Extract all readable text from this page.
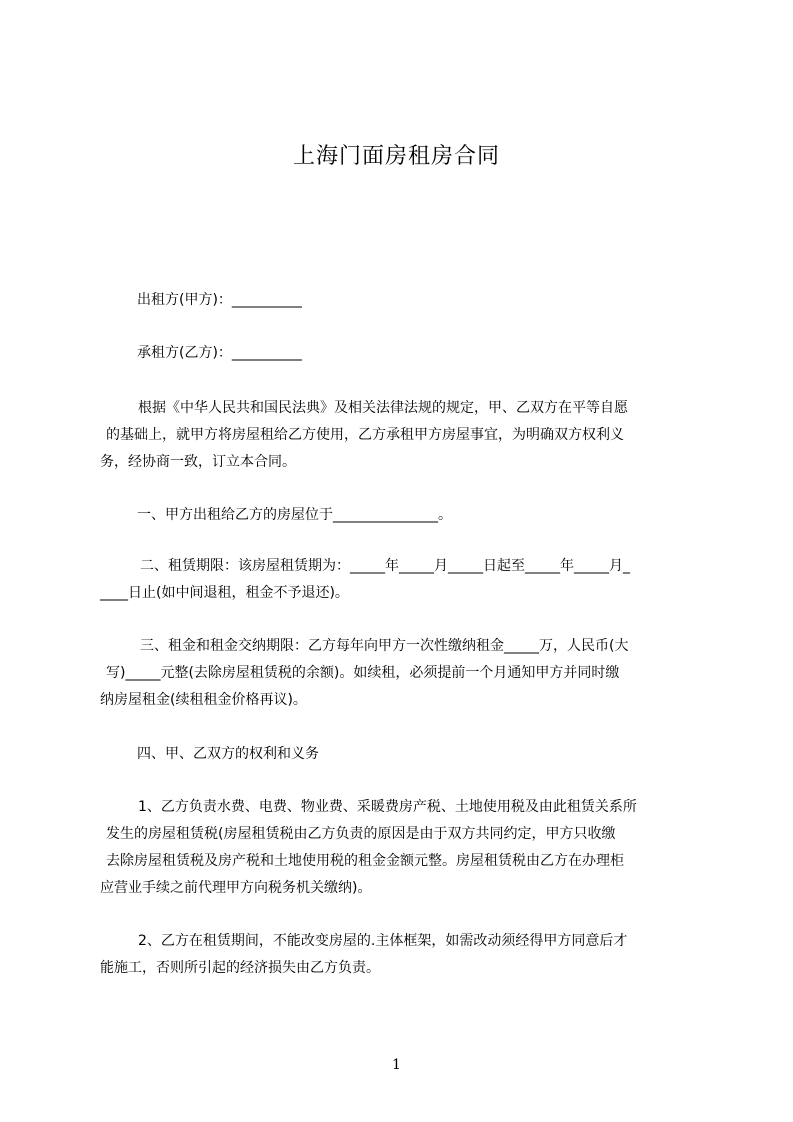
上海门面房租房合同

出租方(甲方)：__________

承租方(乙方)：__________

根据《中华人民共和国民法典》及相关法律法规的规定，甲、乙双方在平等自愿
的基础上，就甲方将房屋租给乙方使用，乙方承租甲方房屋事宜，为明确双方权利义
务，经协商一致，订立本合同。

一、甲方出租给乙方的房屋位于_______________。

二、租赁期限：该房屋租赁期为：_____年_____月_____日起至_____年_____月_
____日止(如中间退租，租金不予退还)。
三、租金和租金交纳期限：乙方每年向甲方一次性缴纳租金_____万，人民币(大
写)_____元整(去除房屋租赁税的余额)。如续租，必须提前一个月通知甲方并同时缴
纳房屋租金(续租租金价格再议)。

四、甲、乙双方的权利和义务

1、乙方负责水费、电费、物业费、采暖费房产税、土地使用税及由此租赁关系所
发生的房屋租赁税(房屋租赁税由乙方负责的原因是由于双方共同约定，甲方只收缴
去除房屋租赁税及房产税和土地使用税的租金金额元整。房屋租赁税由乙方在办理柜
应营业手续之前代理甲方向税务机关缴纳)。
2、乙方在租赁期间，不能改变房屋的.主体框架，如需改动须经得甲方同意后才
能施工，否则所引起的经济损失由乙方负责。
1
